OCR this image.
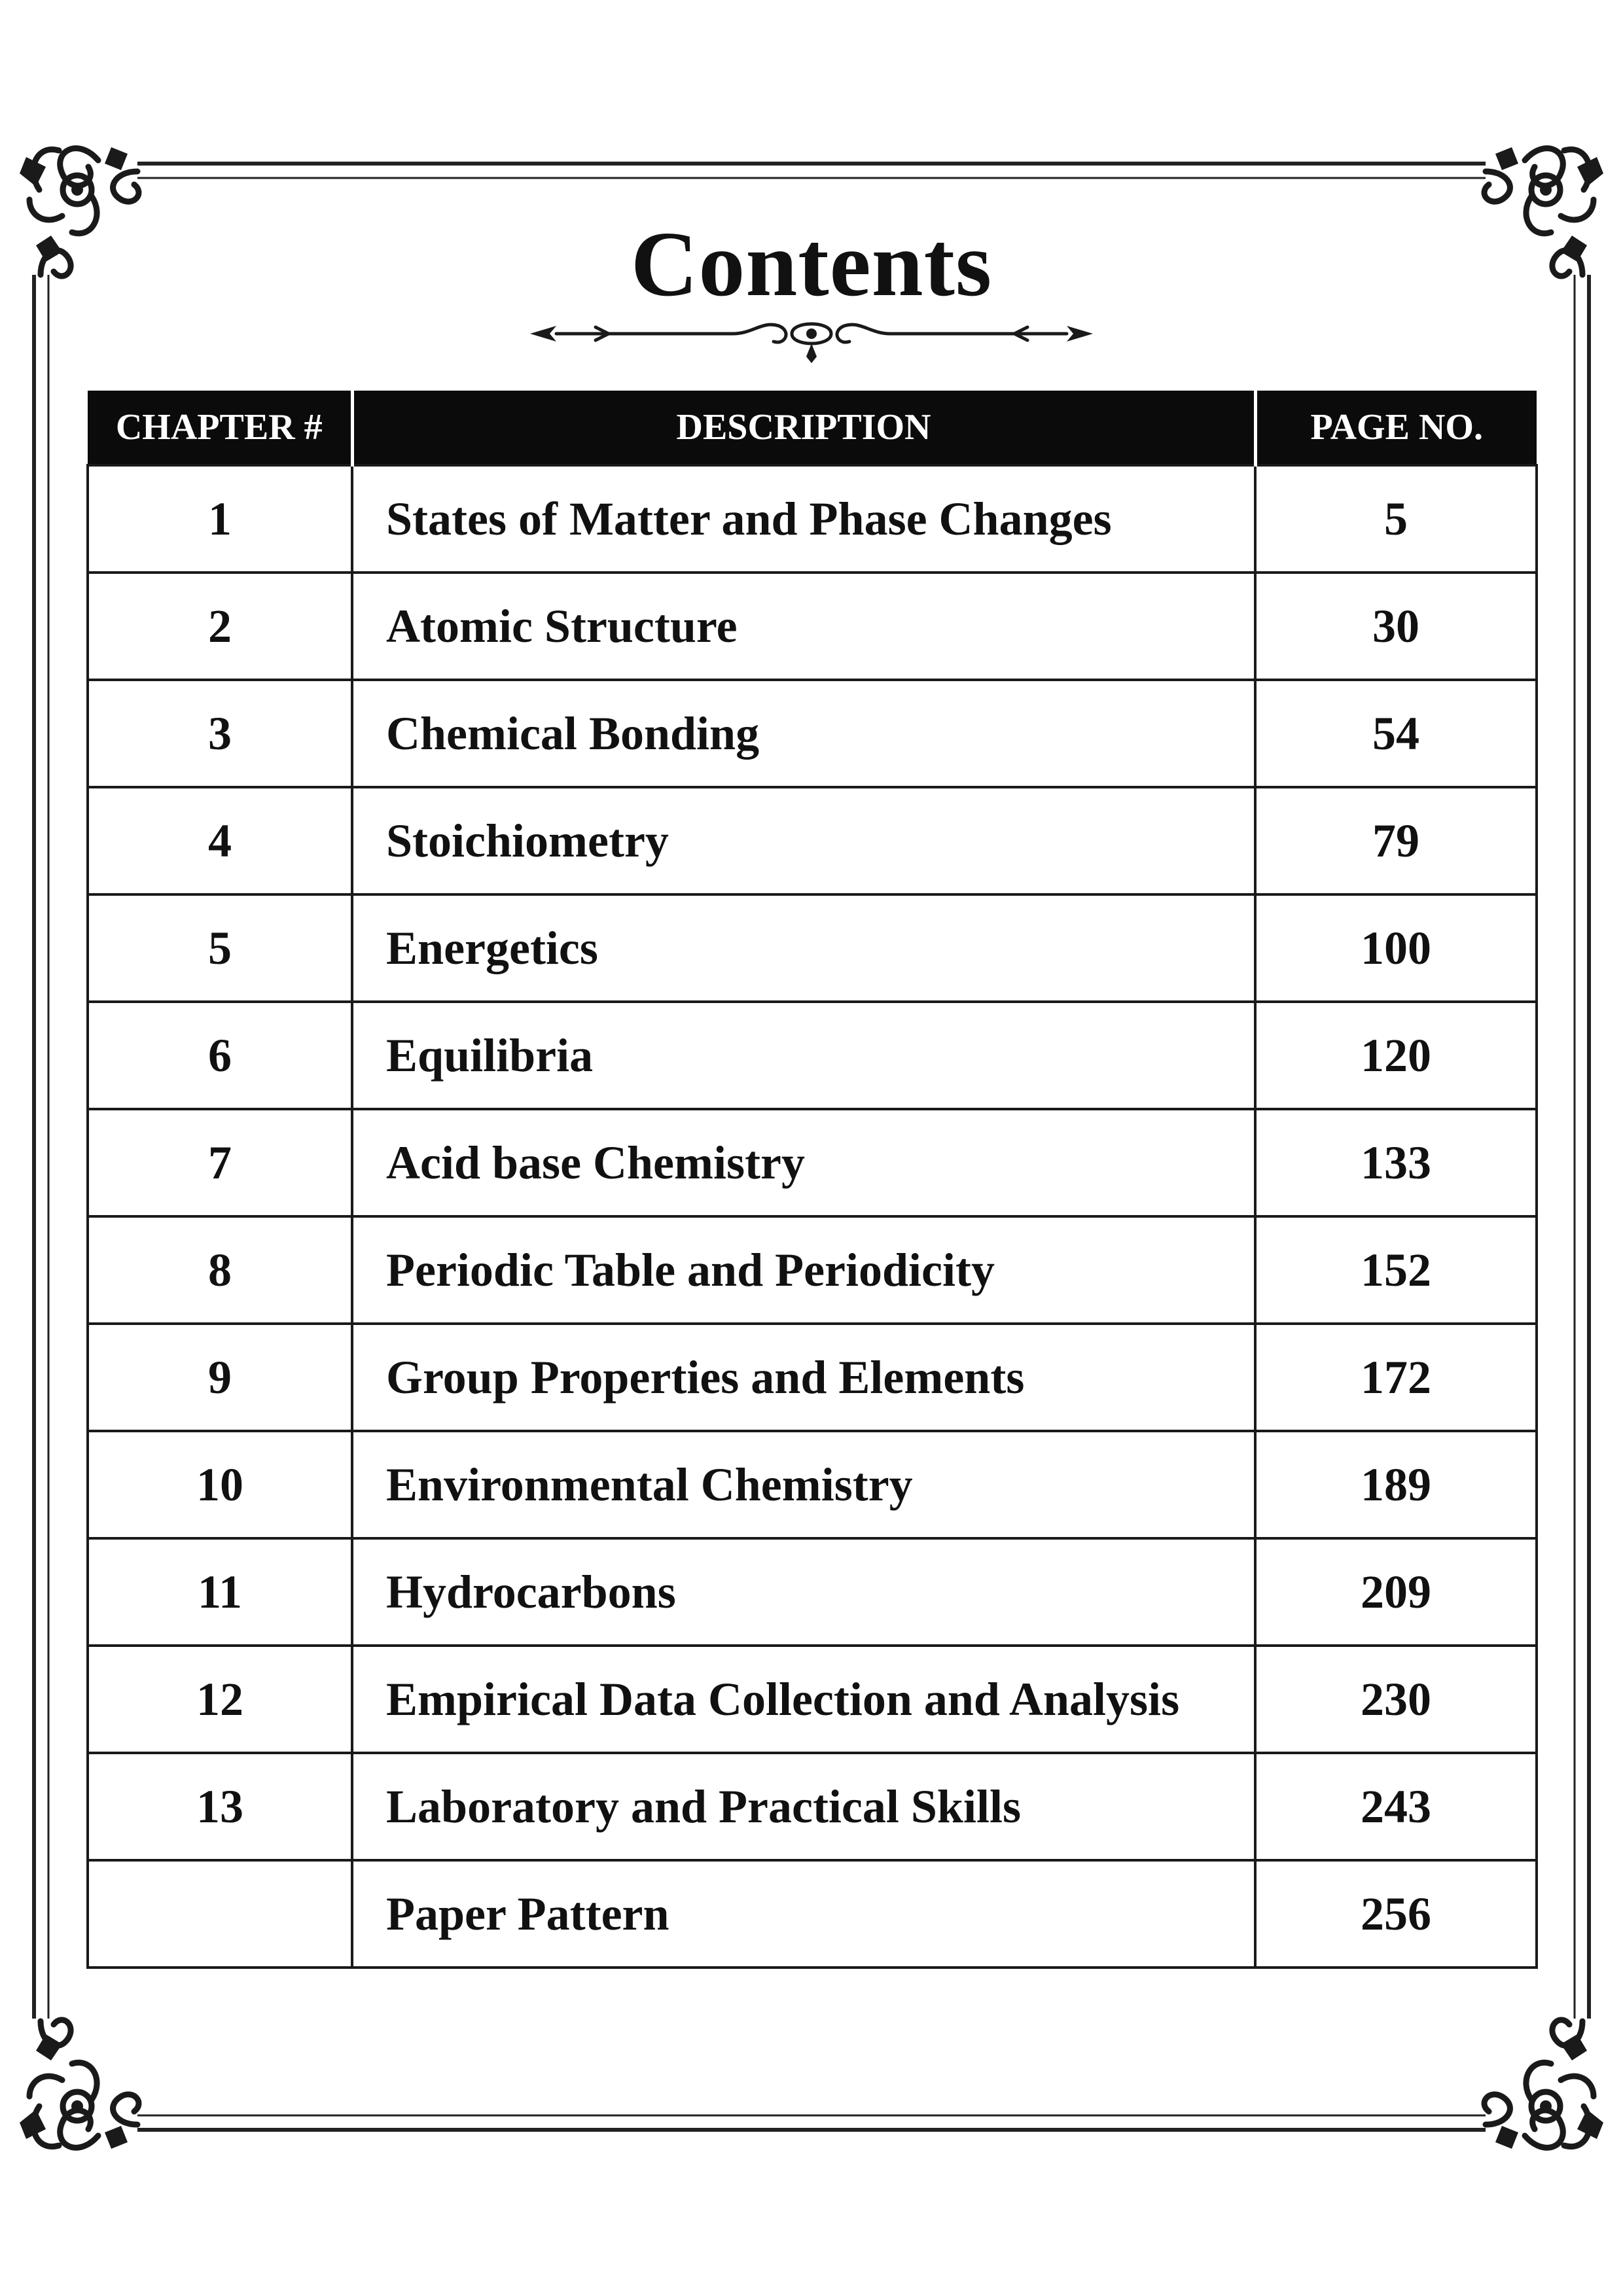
Contents
CHAPTER #	DESCRIPTION	PAGE NO.
1	States of Matter and Phase Changes	5
2	Atomic Structure	30
3	Chemical Bonding	54
4	Stoichiometry	79
5	Energetics	100
6	Equilibria	120
7	Acid base Chemistry	133
8	Periodic Table and Periodicity	152
9	Group Properties and Elements	172
10	Environmental Chemistry	189
11	Hydrocarbons	209
12	Empirical Data Collection and Analysis	230
13	Laboratory and Practical Skills	243
	Paper Pattern	256
